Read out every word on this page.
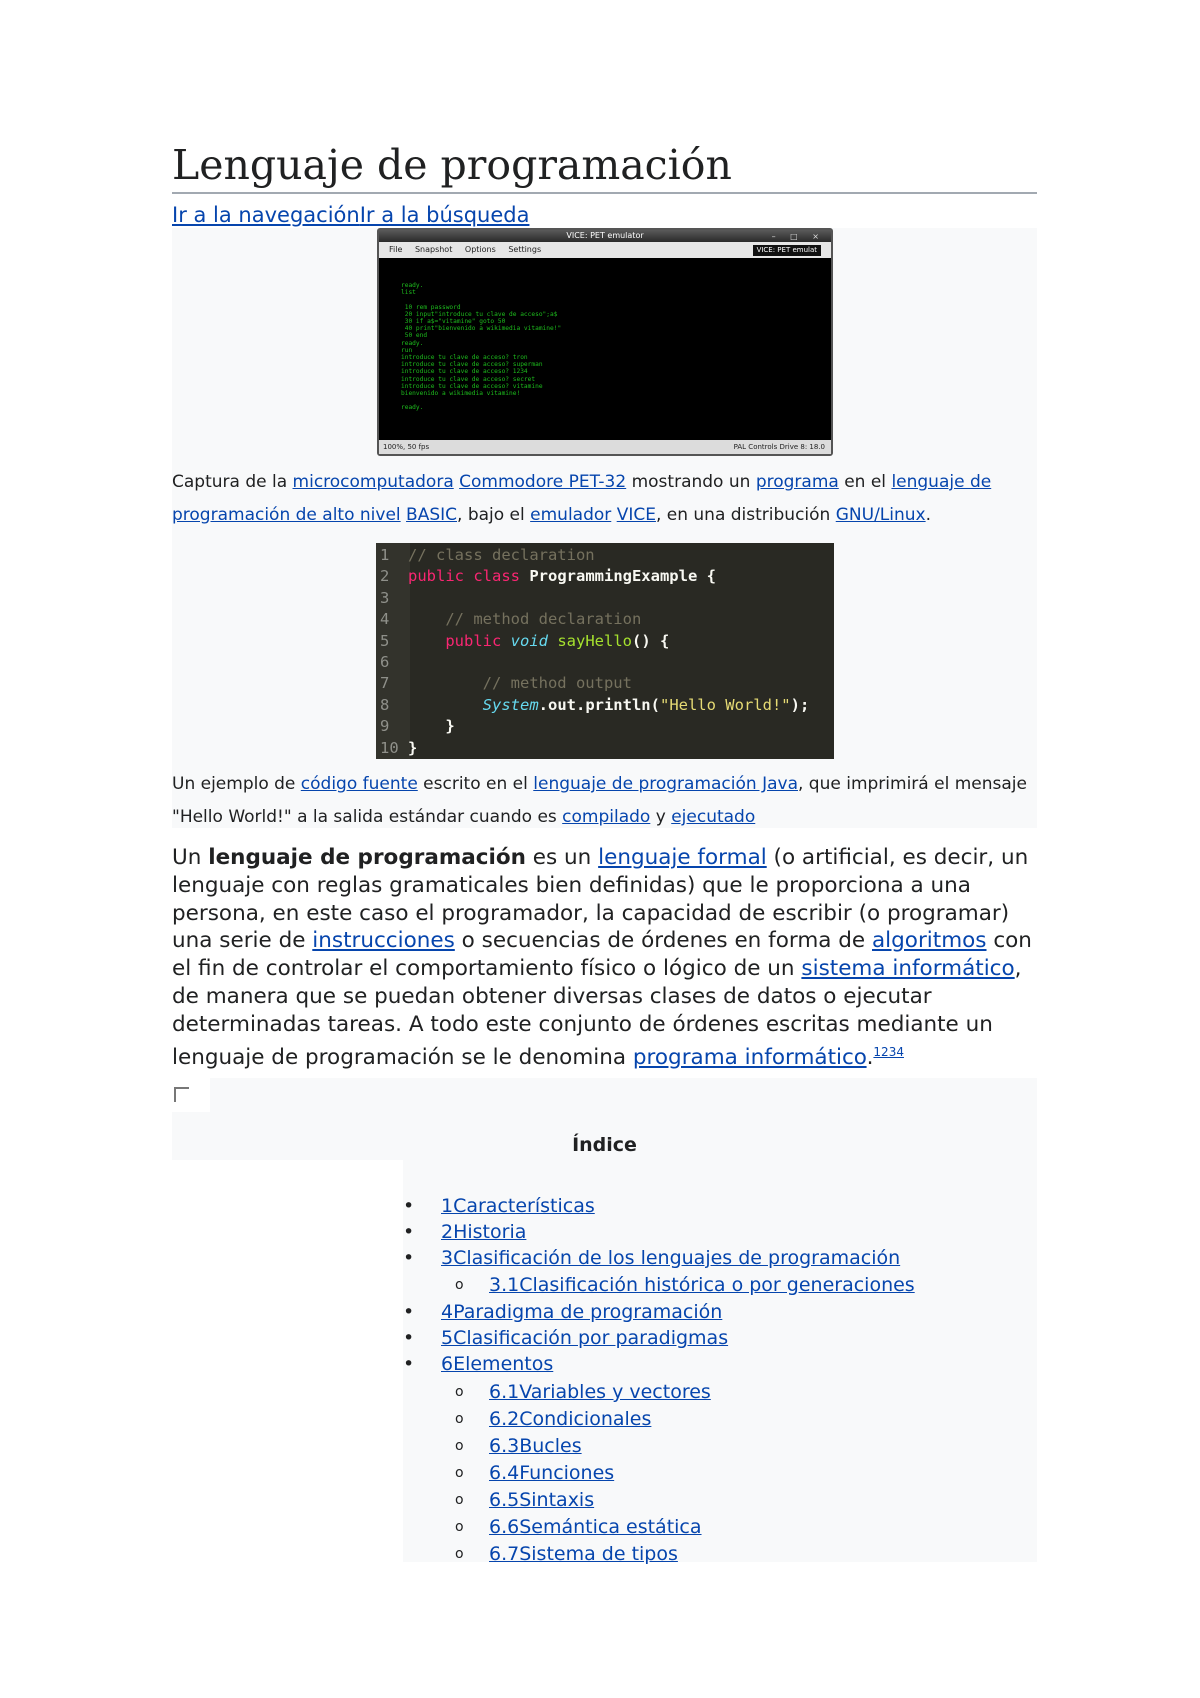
Lenguaje de programación
Ir a la navegaciónIr a la búsqueda
VICE: PET emulator	– □ ×
File Snapshot Options Settings	VICE: PET emulat
ready.
list

10 rem password
20 input"introduce tu clave de acceso";a$
30 if a$="vitamine" goto 50
40 print"bienvenido a wikimedia vitamine!"
50 end
ready.
run
introduce tu clave de acceso? tron
introduce tu clave de acceso? superman
introduce tu clave de acceso? 1234
introduce tu clave de acceso? secret
introduce tu clave de acceso? vitamine
bienvenido a wikimedia vitamine!

ready.
100%, 50 fps	PAL Controls Drive 8: 18.0
Captura de la microcomputadora Commodore PET-32 mostrando un programa en el lenguaje de programación de alto nivel BASIC, bajo el emulador VICE, en una distribución GNU/Linux.
1 // class declaration
2 public class ProgrammingExample {
3
4    // method declaration
5    public void sayHello() {
6
7        // method output
8        System.out.println("Hello World!");
9    }
10 }
Un ejemplo de código fuente escrito en el lenguaje de programación Java, que imprimirá el mensaje "Hello World!" a la salida estándar cuando es compilado y ejecutado

Un lenguaje de programación es un lenguaje formal (o artificial, es decir, un lenguaje con reglas gramaticales bien definidas) que le proporciona a una persona, en este caso el programador, la capacidad de escribir (o programar) una serie de instrucciones o secuencias de órdenes en forma de algoritmos con el fin de controlar el comportamiento físico o lógico de un sistema informático, de manera que se puedan obtener diversas clases de datos o ejecutar determinadas tareas. A todo este conjunto de órdenes escritas mediante un lenguaje de programación se le denomina programa informático.$^{1234}$

Índice
• 1Características
• 2Historia
• 3Clasificación de los lenguajes de programación
o 3.1Clasificación histórica o por generaciones
• 4Paradigma de programación
• 5Clasificación por paradigmas
• 6Elementos
o 6.1Variables y vectores
o 6.2Condicionales
o 6.3Bucles
o 6.4Funciones
o 6.5Sintaxis
o 6.6Semántica estática
o 6.7Sistema de tipos
